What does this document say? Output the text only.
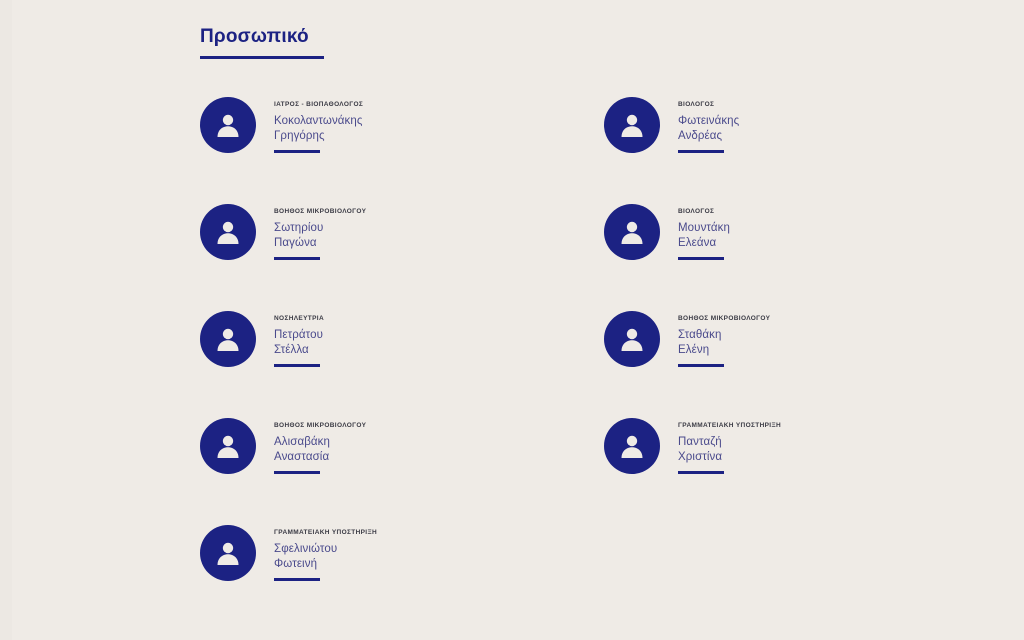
Προσωπικό
ΙΑΤΡΟΣ - ΒΙΟΠΑΘΟΛΟΓΟΣ
Κοκολαντωνάκης
Γρηγόρης
ΒΟΗΘΟΣ ΜΙΚΡΟΒΙΟΛΟΓΟΥ
Σωτηρίου
Παγώνα
ΝΟΣΗΛΕΥΤΡΙΑ
Πετράτου
Στέλλα
ΒΟΗΘΟΣ ΜΙΚΡΟΒΙΟΛΟΓΟΥ
Αλισαβάκη
Αναστασία
ΓΡΑΜΜΑΤΕΙΑΚΗ ΥΠΟΣΤΗΡΙΞΗ
Σφελινιώτου
Φωτεινή
ΒΙΟΛΟΓΟΣ
Φωτεινάκης
Ανδρέας
ΒΙΟΛΟΓΟΣ
Μουντάκη
Ελεάνα
ΒΟΗΘΟΣ ΜΙΚΡΟΒΙΟΛΟΓΟΥ
Σταθάκη
Ελένη
ΓΡΑΜΜΑΤΕΙΑΚΗ ΥΠΟΣΤΗΡΙΞΗ
Πανταζή
Χριστίνα
